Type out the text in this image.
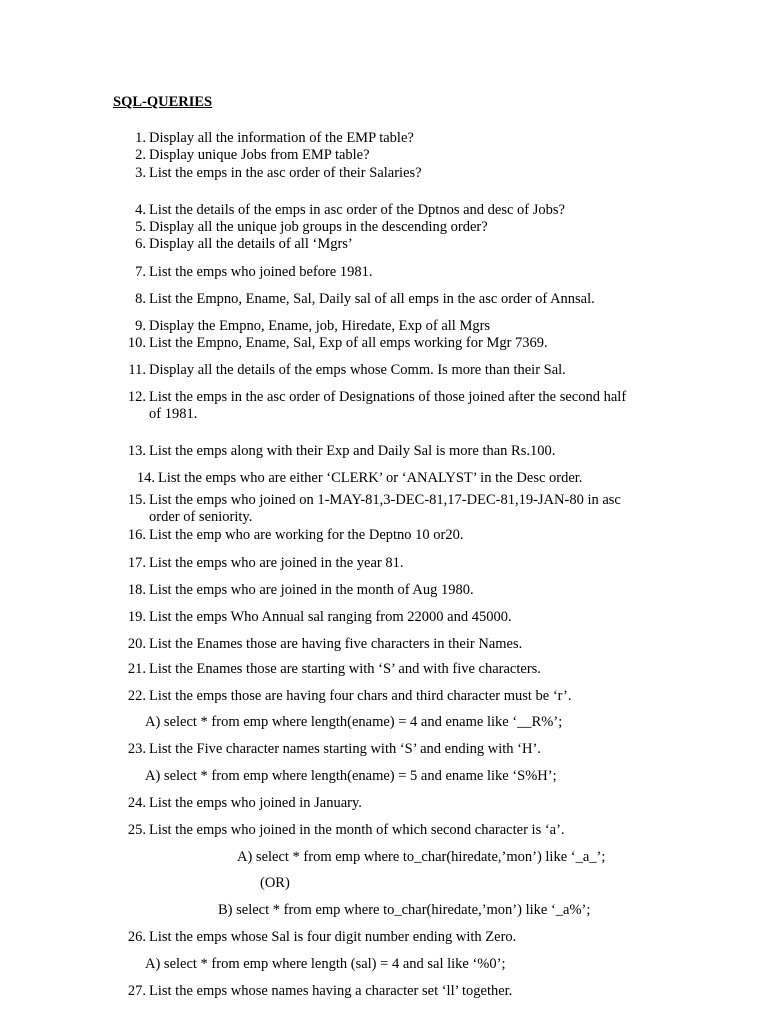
SQL-QUERIES
1. Display all the information of the EMP table?
2. Display unique Jobs from EMP table?
3. List the emps in the asc order of their Salaries?
4. List the details of the emps in asc order of the Dptnos and desc of Jobs?
5. Display all the unique job groups in the descending order?
6. Display all the details of all ‘Mgrs’
7. List the emps who joined before 1981.
8. List the Empno, Ename, Sal, Daily sal of all emps in the asc order of Annsal.
9. Display the Empno, Ename, job, Hiredate, Exp of all Mgrs
10. List the Empno, Ename, Sal, Exp of all emps working for Mgr 7369.
11. Display all the details of the emps whose Comm. Is more than their Sal.
12. List the emps in the asc order of Designations of those joined after the second half
of 1981.
13. List the emps along with their Exp and Daily Sal is more than Rs.100.
14. List the emps who are either ‘CLERK’ or ‘ANALYST’ in the Desc order.
15. List the emps who joined on 1-MAY-81,3-DEC-81,17-DEC-81,19-JAN-80 in asc
order of seniority.
16. List the emp who are working for the Deptno 10 or20.
17. List the emps who are joined in the year 81.
18. List the emps who are joined in the month of Aug 1980.
19. List the emps Who Annual sal ranging from 22000 and 45000.
20. List the Enames those are having five characters in their Names.
21. List the Enames those are starting with ‘S’ and with five characters.
22. List the emps those are having four chars and third character must be ‘r’.
23. List the Five character names starting with ‘S’ and ending with ‘H’.
24. List the emps who joined in January.
25. List the emps who joined in the month of which second character is ‘a’.
26. List the emps whose Sal is four digit number ending with Zero.
27. List the emps whose names having a character set ‘ll’ together.
A) select * from emp where length(ename) = 4 and ename like ‘__R%’;
A) select * from emp where length(ename) = 5 and ename like ‘S%H’;
A) select * from emp where to_char(hiredate,’mon’) like ‘_a_’;
(OR)
B) select * from emp where to_char(hiredate,’mon’) like ‘_a%’;
A) select * from emp where length (sal) = 4 and sal like ‘%0’;
